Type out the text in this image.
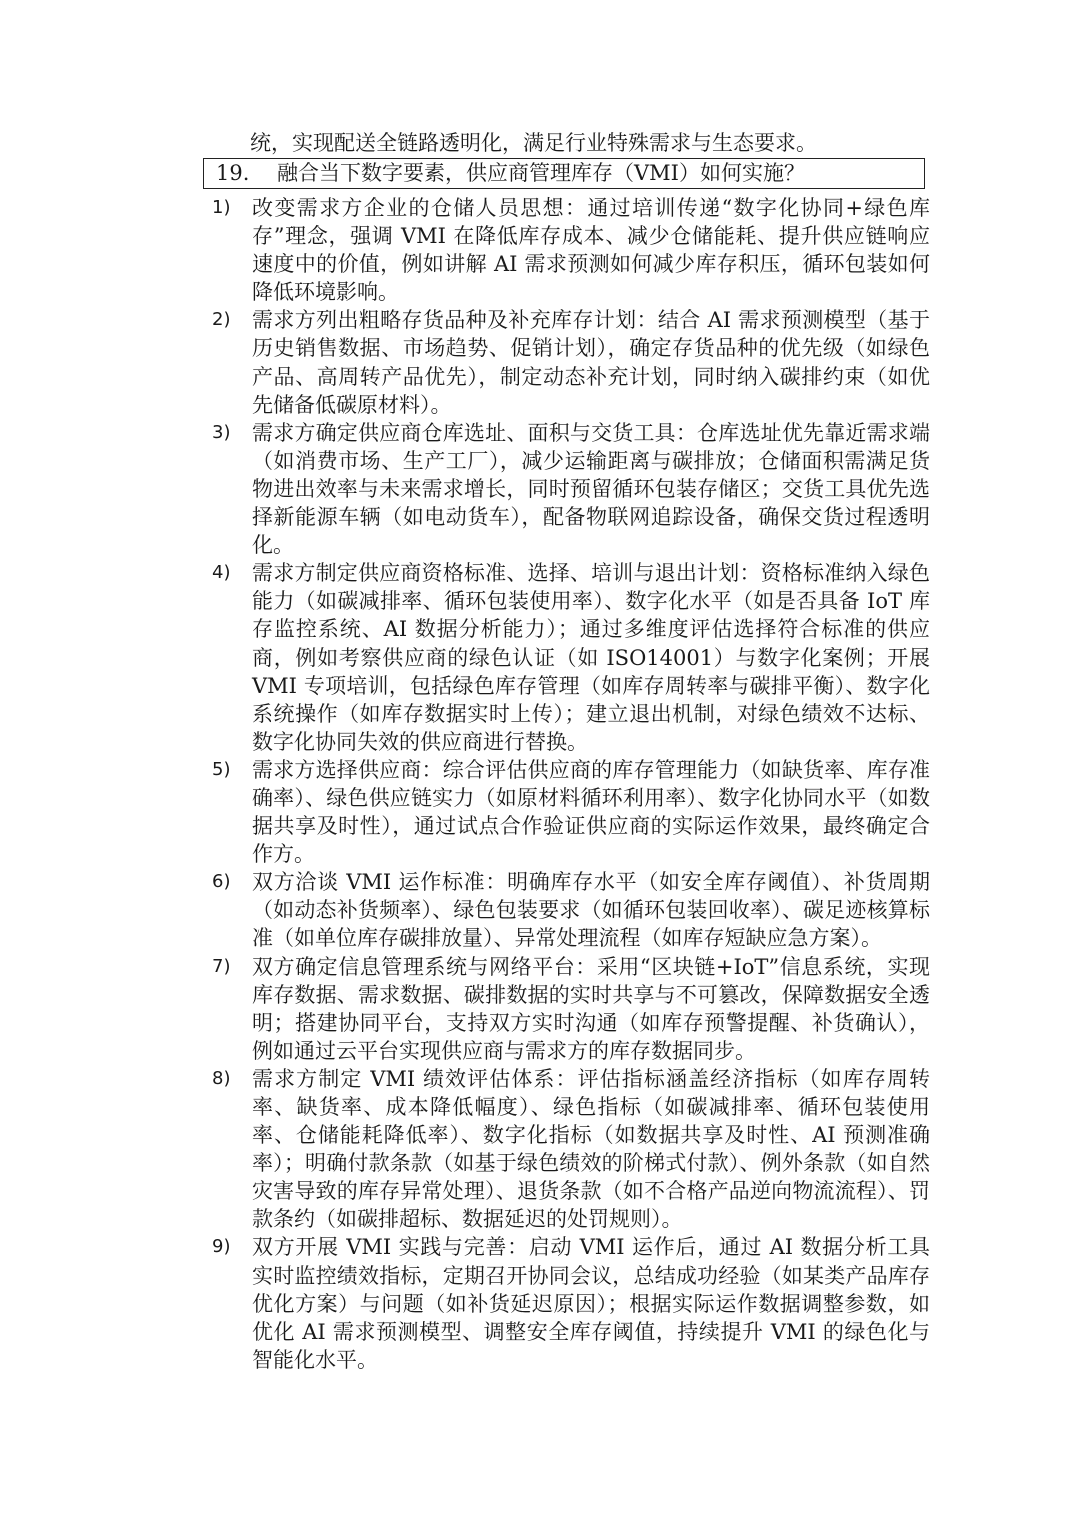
统，实现配送全链路透明化，满足行业特殊需求与生态要求。
19. 融合当下数字要素，供应商管理库存（VMI）如何实施？
1) 改变需求方企业的仓储人员思想：通过培训传递“数字化协同+绿色库存”理念，强调 VMI 在降低库存成本、减少仓储能耗、提升供应链响应速度中的价值，例如讲解 AI 需求预测如何减少库存积压，循环包装如何降低环境影响。
2) 需求方列出粗略存货品种及补充库存计划：结合 AI 需求预测模型（基于历史销售数据、市场趋势、促销计划），确定存货品种的优先级（如绿色产品、高周转产品优先），制定动态补充计划，同时纳入碳排约束（如优先储备低碳原材料）。
3) 需求方确定供应商仓库选址、面积与交货工具：仓库选址优先靠近需求端（如消费市场、生产工厂），减少运输距离与碳排放；仓储面积需满足货物进出效率与未来需求增长，同时预留循环包装存储区；交货工具优先选择新能源车辆（如电动货车），配备物联网追踪设备，确保交货过程透明化。
4) 需求方制定供应商资格标准、选择、培训与退出计划：资格标准纳入绿色能力（如碳减排率、循环包装使用率）、数字化水平（如是否具备 IoT 库存监控系统、AI 数据分析能力）；通过多维度评估选择符合标准的供应商，例如考察供应商的绿色认证（如 ISO14001）与数字化案例；开展 VMI 专项培训，包括绿色库存管理（如库存周转率与碳排平衡）、数字化系统操作（如库存数据实时上传）；建立退出机制，对绿色绩效不达标、数字化协同失效的供应商进行替换。
5) 需求方选择供应商：综合评估供应商的库存管理能力（如缺货率、库存准确率）、绿色供应链实力（如原材料循环利用率）、数字化协同水平（如数据共享及时性），通过试点合作验证供应商的实际运作效果，最终确定合作方。
6) 双方洽谈 VMI 运作标准：明确库存水平（如安全库存阈值）、补货周期（如动态补货频率）、绿色包装要求（如循环包装回收率）、碳足迹核算标准（如单位库存碳排放量）、异常处理流程（如库存短缺应急方案）。
7) 双方确定信息管理系统与网络平台：采用“区块链+IoT”信息系统，实现库存数据、需求数据、碳排数据的实时共享与不可篡改，保障数据安全透明；搭建协同平台，支持双方实时沟通（如库存预警提醒、补货确认），例如通过云平台实现供应商与需求方的库存数据同步。
8) 需求方制定 VMI 绩效评估体系：评估指标涵盖经济指标（如库存周转率、缺货率、成本降低幅度）、绿色指标（如碳减排率、循环包装使用率、仓储能耗降低率）、数字化指标（如数据共享及时性、AI 预测准确率）；明确付款条款（如基于绿色绩效的阶梯式付款）、例外条款（如自然灾害导致的库存异常处理）、退货条款（如不合格产品逆向物流流程）、罚款条约（如碳排超标、数据延迟的处罚规则）。
9) 双方开展 VMI 实践与完善：启动 VMI 运作后，通过 AI 数据分析工具实时监控绩效指标，定期召开协同会议，总结成功经验（如某类产品库存优化方案）与问题（如补货延迟原因）；根据实际运作数据调整参数，如优化 AI 需求预测模型、调整安全库存阈值，持续提升 VMI 的绿色化与智能化水平。
